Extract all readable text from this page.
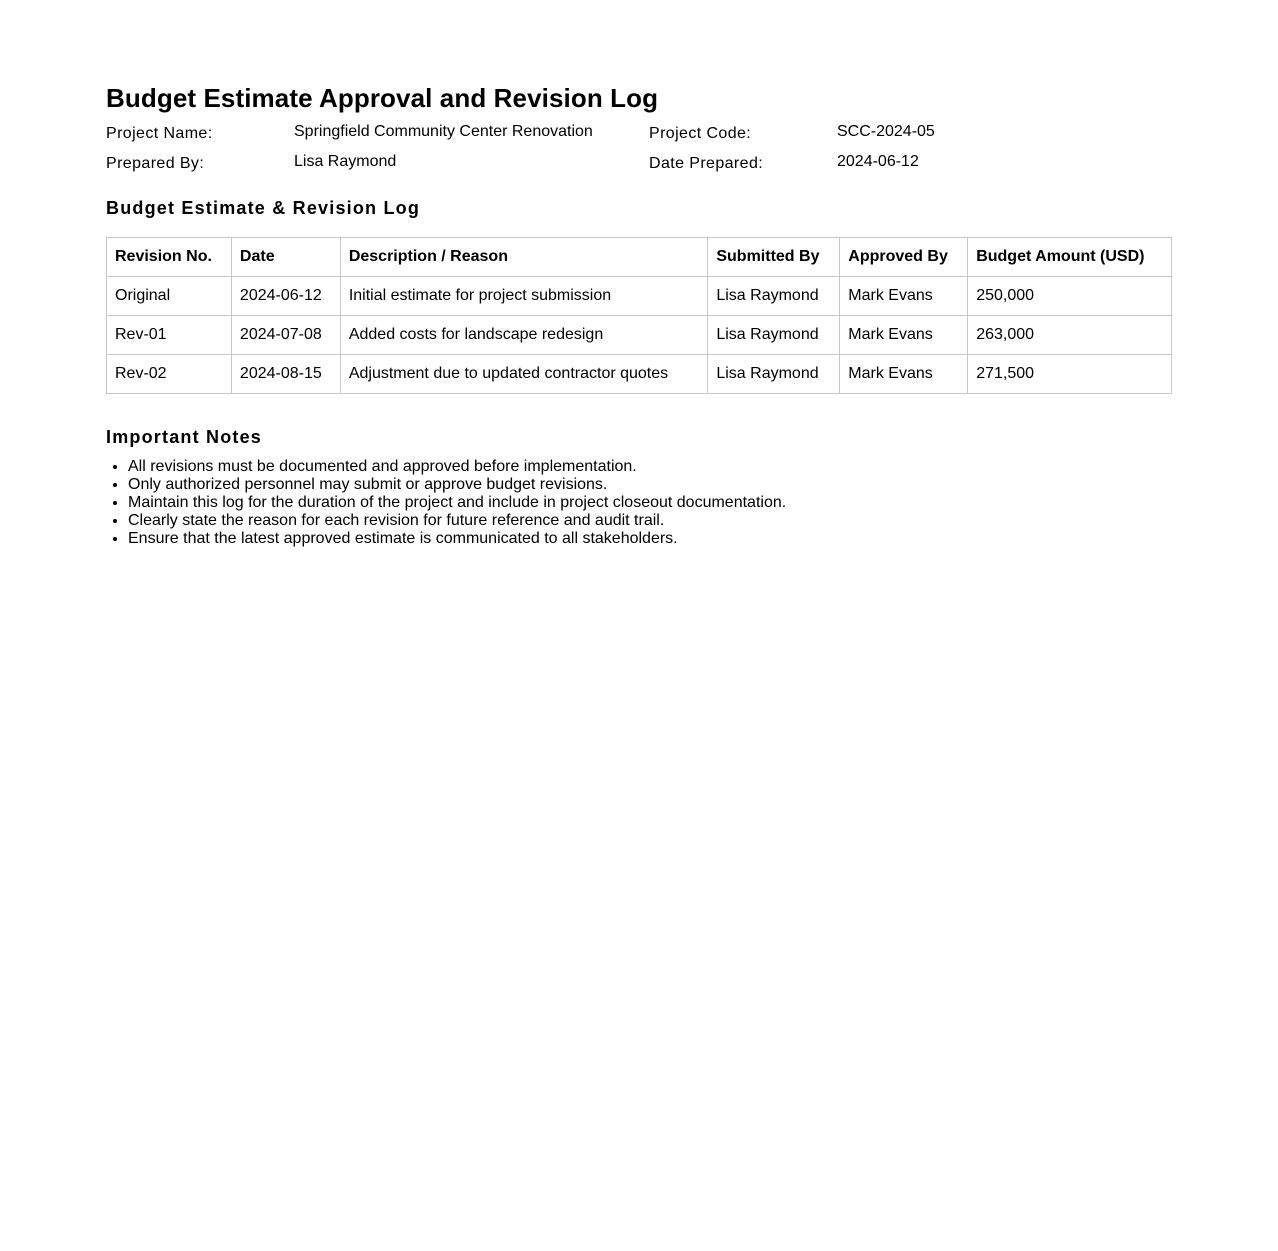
Budget Estimate Approval and Revision Log
Project Name:	Springfield Community Center Renovation	Project Code:	SCC-2024-05
Prepared By:	Lisa Raymond	Date Prepared:	2024-06-12
Budget Estimate & Revision Log
Revision No.	Date	Description / Reason	Submitted By	Approved By	Budget Amount (USD)
Original	2024-06-12	Initial estimate for project submission	Lisa Raymond	Mark Evans	250,000
Rev-01	2024-07-08	Added costs for landscape redesign	Lisa Raymond	Mark Evans	263,000
Rev-02	2024-08-15	Adjustment due to updated contractor quotes	Lisa Raymond	Mark Evans	271,500
Important Notes
• All revisions must be documented and approved before implementation.
• Only authorized personnel may submit or approve budget revisions.
• Maintain this log for the duration of the project and include in project closeout documentation.
• Clearly state the reason for each revision for future reference and audit trail.
• Ensure that the latest approved estimate is communicated to all stakeholders.
